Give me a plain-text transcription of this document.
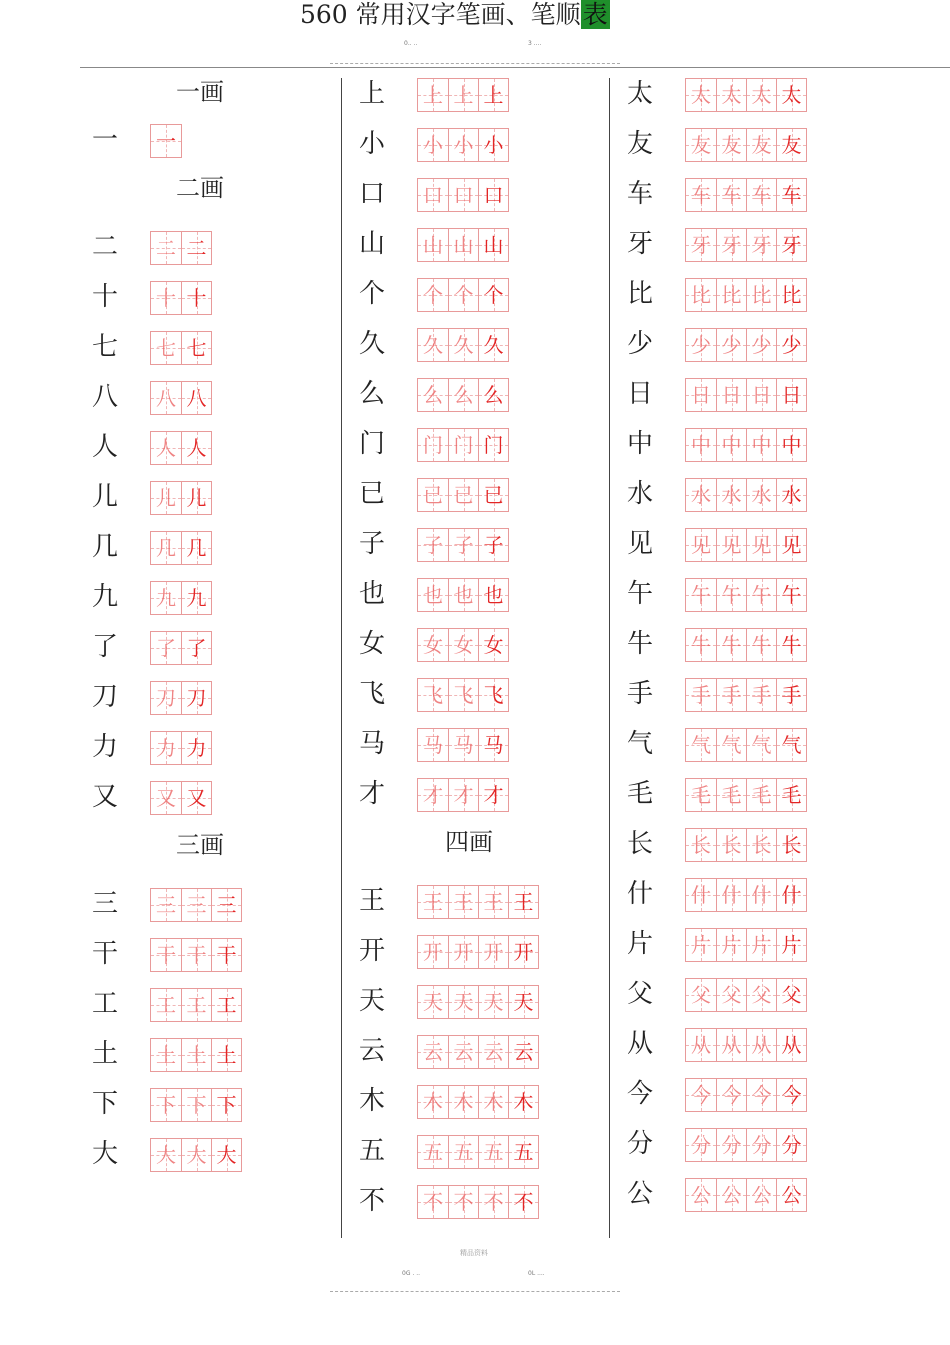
560 常用汉字笔画、笔顺表
0.. ..	3 ....
一画
一 一
二画
二 二 二
十 十 十
七 七 七
八 八 八
人 人 人
儿 儿 儿
几 几 几
九 九 九
了 了 了
刀 刀 刀
力 力 力
又 又 又
三画
三 三 三 三
干 干 干 干
工 工 工 工
土 土 土 土
下 下 下 下
大 大 大 大
上 上 上 上
小 小 小 小
口 口 口 口
山 山 山 山
个 个 个 个
久 久 久 久
么 么 么 么
门 门 门 门
已 已 已 已
子 子 子 子
也 也 也 也
女 女 女 女
飞 飞 飞 飞
马 马 马 马
才 才 才 才
四画
王 王 王 王 王
开 开 开 开 开
天 天 天 天 天
云 云 云 云 云
木 木 木 木 木
五 五 五 五 五
不 不 不 不 不
太 太 太 太 太
友 友 友 友 友
车 车 车 车 车
牙 牙 牙 牙 牙
比 比 比 比 比
少 少 少 少 少
日 日 日 日 日
中 中 中 中 中
水 水 水 水 水
见 见 见 见 见
午 午 午 午 午
牛 牛 牛 牛 牛
手 手 手 手 手
气 气 气 气 气
毛 毛 毛 毛 毛
长 长 长 长 长
什 什 什 什 什
片 片 片 片 片
父 父 父 父 父
从 从 从 从 从
今 今 今 今 今
分 分 分 分 分
公 公 公 公 公
精品资料
0G . ..	0L ....
